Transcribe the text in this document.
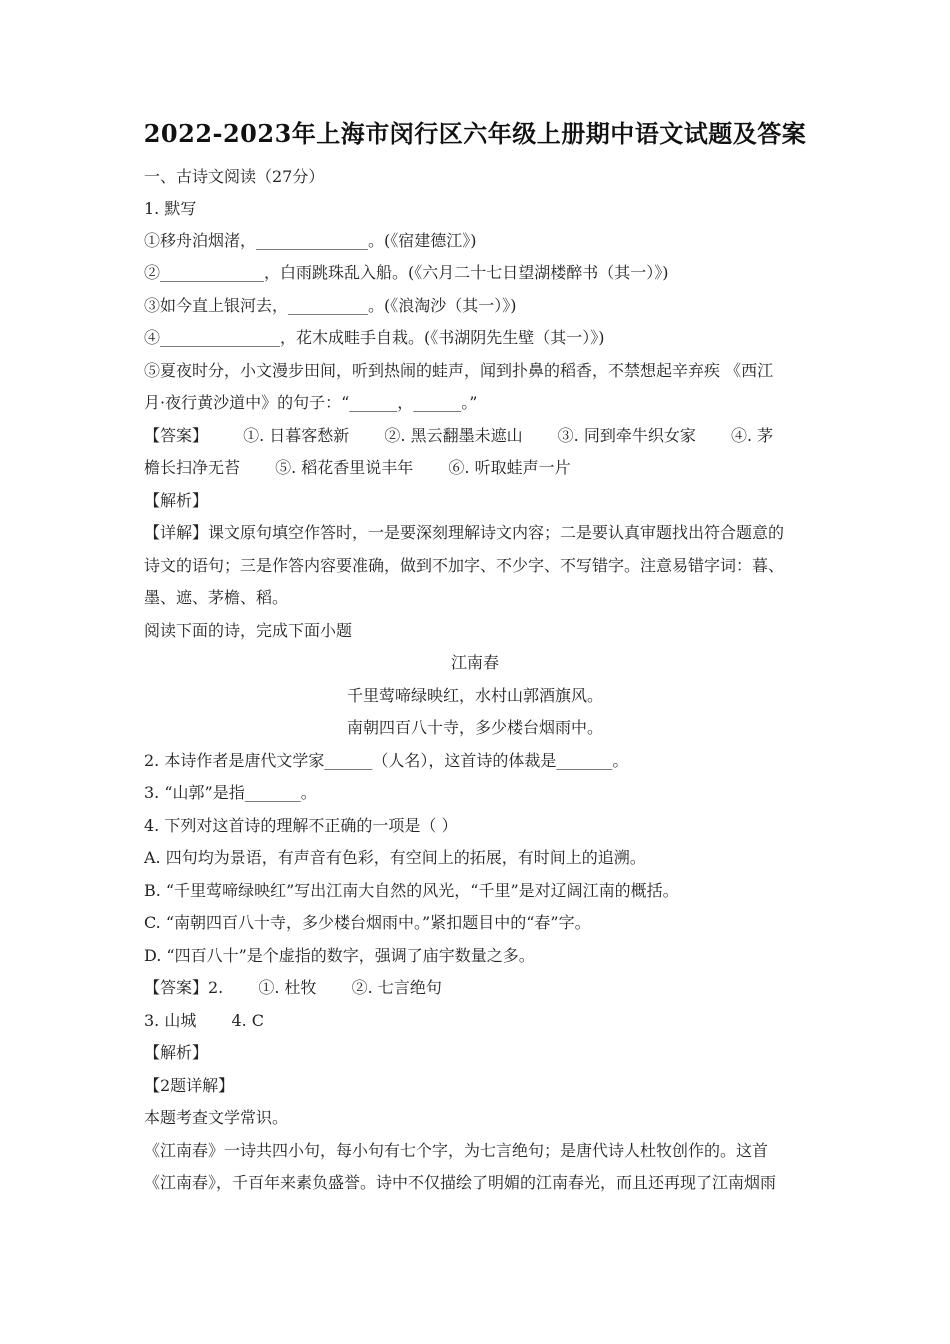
2022-2023年上海市闵行区六年级上册期中语文试题及答案
一、古诗文阅读（27分）
1. 默写
①移舟泊烟渚，______________。(《宿建德江》)
②_____________，白雨跳珠乱入船。(《六月二十七日望湖楼醉书（其一）》)
③如今直上银河去，__________。(《浪淘沙（其一）》)
④_______________，花木成畦手自栽。(《书湖阴先生壁（其一）》)
⑤夏夜时分，小文漫步田间，听到热闹的蛙声，闻到扑鼻的稻香，不禁想起辛弃疾 《西江
月·夜行黄沙道中》的句子：“______，______。”
【答案】 ①. 日暮客愁新 ②. 黑云翻墨未遮山 ③. 同到牵牛织女家 ④. 茅
檐长扫净无苔 ⑤. 稻花香里说丰年 ⑥. 听取蛙声一片
【解析】
【详解】课文原句填空作答时，一是要深刻理解诗文内容；二是要认真审题找出符合题意的
诗文的语句；三是作答内容要准确，做到不加字、不少字、不写错字。注意易错字词：暮、
墨、遮、茅檐、稻。
阅读下面的诗，完成下面小题
江南春
千里莺啼绿映红，水村山郭酒旗风。
南朝四百八十寺，多少楼台烟雨中。
2. 本诗作者是唐代文学家______（人名），这首诗的体裁是_______。
3. “山郭”是指_______。
4. 下列对这首诗的理解不正确的一项是（ ）
A. 四句均为景语，有声音有色彩，有空间上的拓展，有时间上的追溯。
B. “千里莺啼绿映红”写出江南大自然的风光，“千里”是对辽阔江南的概括。
C. “南朝四百八十寺，多少楼台烟雨中。”紧扣题目中的“春”字。
D. “四百八十”是个虚指的数字，强调了庙宇数量之多。
【答案】2. ①. 杜牧 ②. 七言绝句
3. 山城 4. C
【解析】
【2题详解】
本题考查文学常识。
《江南春》一诗共四小句，每小句有七个字，为七言绝句；是唐代诗人杜牧创作的。这首
《江南春》，千百年来素负盛誉。诗中不仅描绘了明媚的江南春光，而且还再现了江南烟雨
